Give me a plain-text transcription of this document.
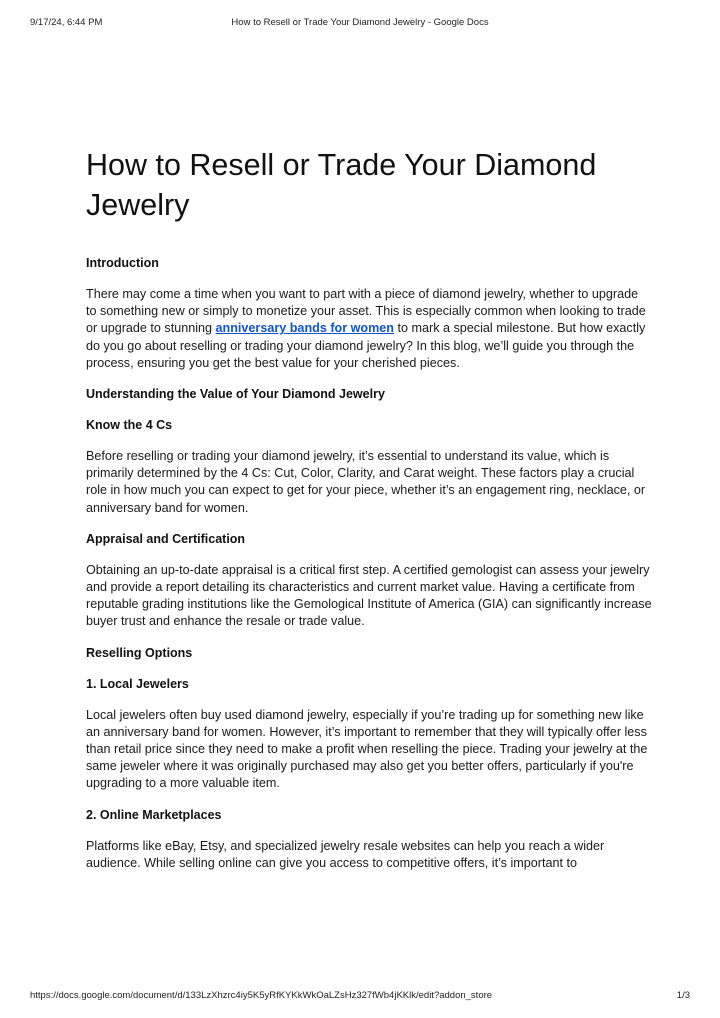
9/17/24, 6:44 PM	How to Resell or Trade Your Diamond Jewelry - Google Docs
How to Resell or Trade Your Diamond Jewelry
Introduction

There may come a time when you want to part with a piece of diamond jewelry, whether to upgrade to something new or simply to monetize your asset. This is especially common when looking to trade or upgrade to stunning anniversary bands for women to mark a special milestone. But how exactly do you go about reselling or trading your diamond jewelry? In this blog, we’ll guide you through the process, ensuring you get the best value for your cherished pieces.

Understanding the Value of Your Diamond Jewelry
Know the 4 Cs

Before reselling or trading your diamond jewelry, it’s essential to understand its value, which is primarily determined by the 4 Cs: Cut, Color, Clarity, and Carat weight. These factors play a crucial role in how much you can expect to get for your piece, whether it’s an engagement ring, necklace, or anniversary band for women.

Appraisal and Certification

Obtaining an up-to-date appraisal is a critical first step. A certified gemologist can assess your jewelry and provide a report detailing its characteristics and current market value. Having a certificate from reputable grading institutions like the Gemological Institute of America (GIA) can significantly increase buyer trust and enhance the resale or trade value.

Reselling Options
1. Local Jewelers

Local jewelers often buy used diamond jewelry, especially if you’re trading up for something new like an anniversary band for women. However, it’s important to remember that they will typically offer less than retail price since they need to make a profit when reselling the piece. Trading your jewelry at the same jeweler where it was originally purchased may also get you better offers, particularly if you're upgrading to a more valuable item.

2. Online Marketplaces

Platforms like eBay, Etsy, and specialized jewelry resale websites can help you reach a wider audience. While selling online can give you access to competitive offers, it’s important to

https://docs.google.com/document/d/133LzXhzrc4iy5K5yRfKYKkWkOaLZsHz327fWb4jKKlk/edit?addon_store	1/3
